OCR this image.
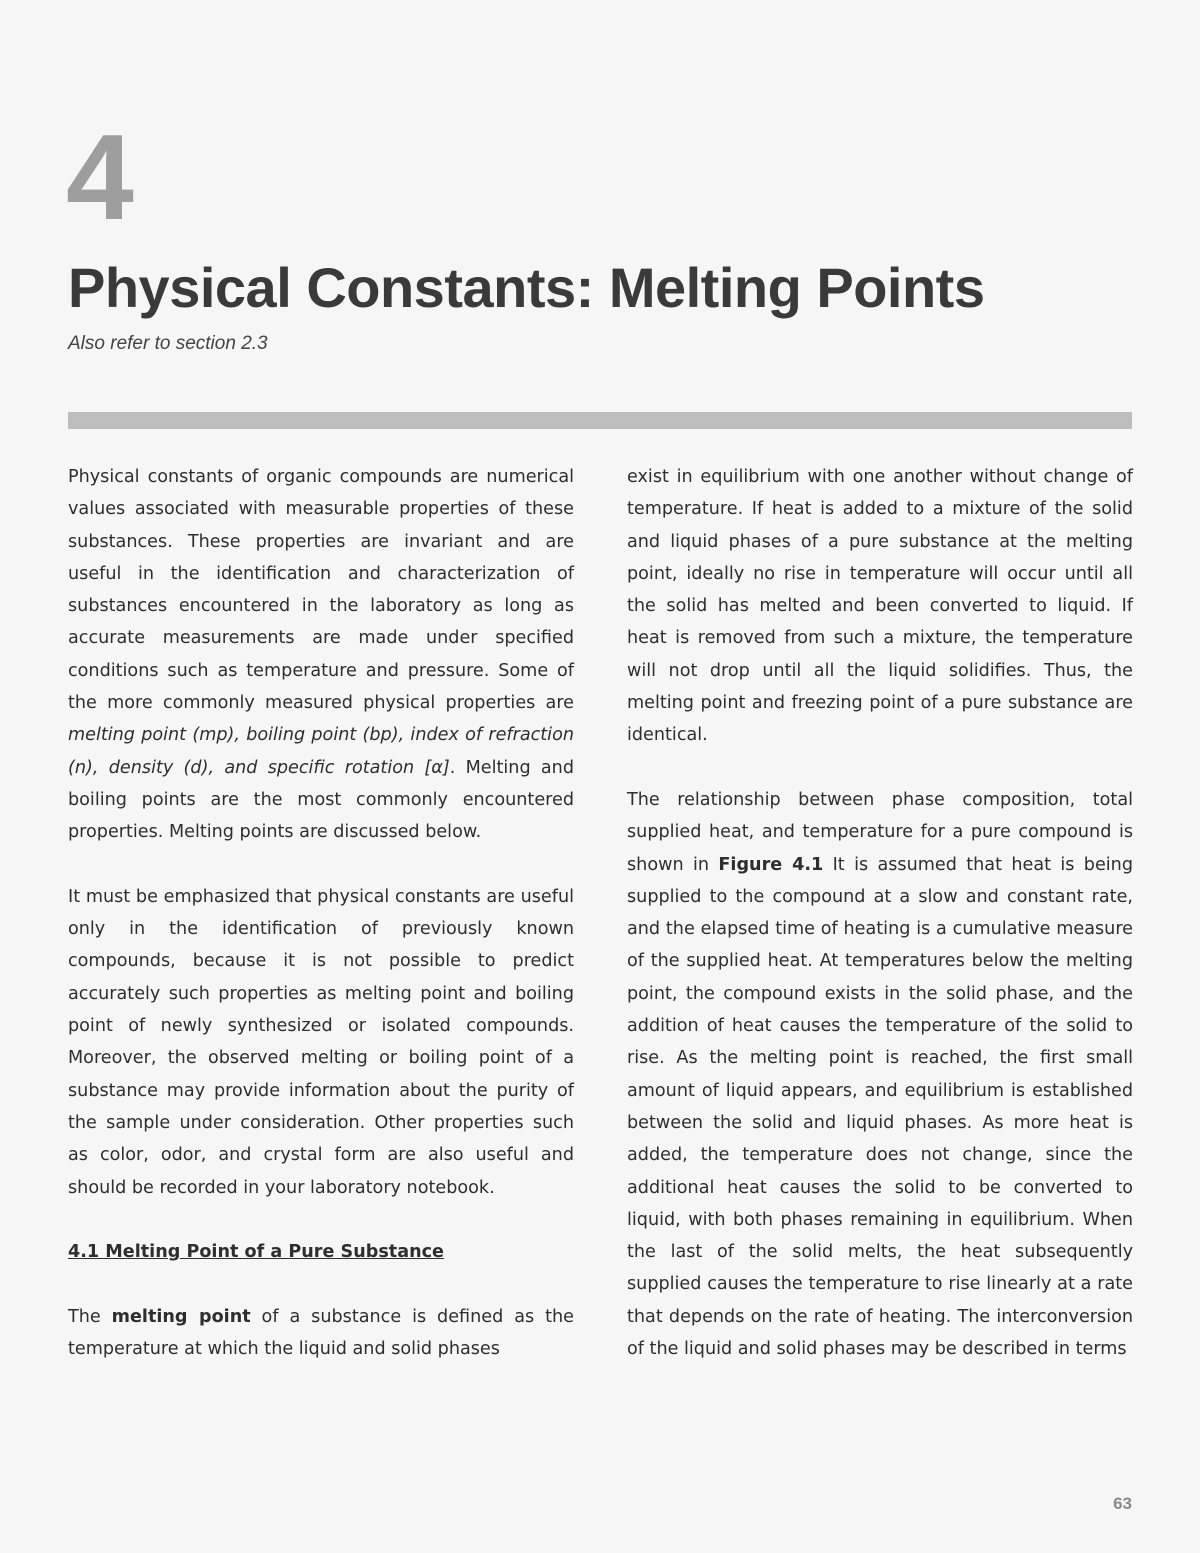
4
Physical Constants: Melting Points
Also refer to section 2.3

Physical constants of organic compounds are numerical values associated with measurable properties of these substances. These properties are invariant and are useful in the identification and characterization of substances encountered in the laboratory as long as accurate measurements are made under specified conditions such as temperature and pressure. Some of the more commonly measured physical properties are melting point (mp), boiling point (bp), index of refraction (n), density (d), and specific rotation [α]. Melting and boiling points are the most commonly encountered properties. Melting points are discussed below.

It must be emphasized that physical constants are useful only in the identification of previously known compounds, because it is not possible to predict accurately such properties as melting point and boiling point of newly synthesized or isolated compounds. Moreover, the observed melting or boiling point of a substance may provide information about the purity of the sample under consideration. Other properties such as color, odor, and crystal form are also useful and should be recorded in your laboratory notebook.

4.1 Melting Point of a Pure Substance

The melting point of a substance is defined as the temperature at which the liquid and solid phases

exist in equilibrium with one another without change of temperature. If heat is added to a mixture of the solid and liquid phases of a pure substance at the melting point, ideally no rise in temperature will occur until all the solid has melted and been converted to liquid. If heat is removed from such a mixture, the temperature will not drop until all the liquid solidifies. Thus, the melting point and freezing point of a pure substance are identical.

The relationship between phase composition, total supplied heat, and temperature for a pure compound is shown in Figure 4.1 It is assumed that heat is being supplied to the compound at a slow and constant rate, and the elapsed time of heating is a cumulative measure of the supplied heat. At temperatures below the melting point, the compound exists in the solid phase, and the addition of heat causes the temperature of the solid to rise. As the melting point is reached, the first small amount of liquid appears, and equilibrium is established between the solid and liquid phases. As more heat is added, the temperature does not change, since the additional heat causes the solid to be converted to liquid, with both phases remaining in equilibrium. When the last of the solid melts, the heat subsequently supplied causes the temperature to rise linearly at a rate that depends on the rate of heating. The interconversion of the liquid and solid phases may be described in terms

63
